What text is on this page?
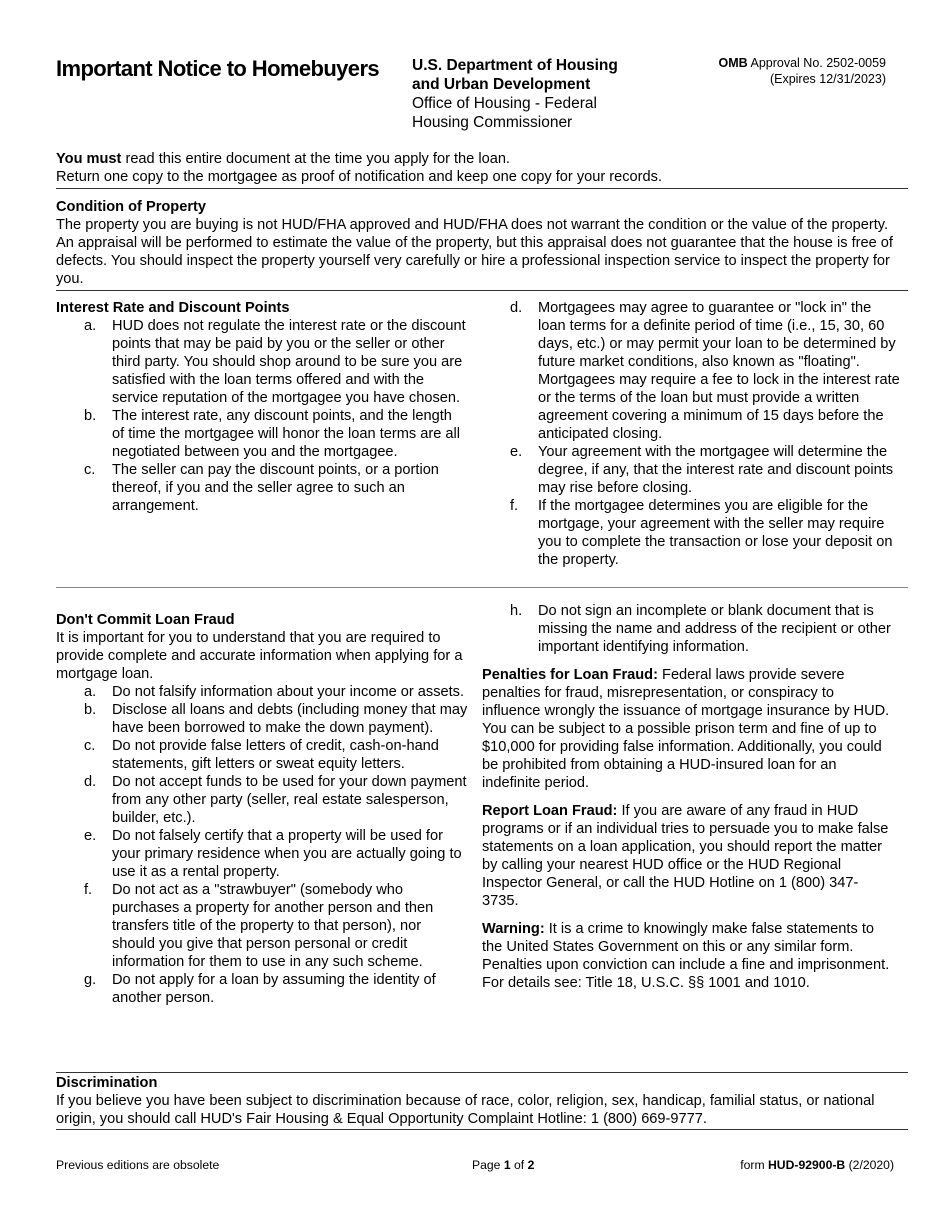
Important Notice to Homebuyers U.S. Department of Housing
and Urban Development
Office of Housing - Federal
Housing Commissioner
OMB Approval No. 2502-0059
(Expires 12/31/2023)
You must read this entire document at the time you apply for the loan.
Return one copy to the mortgagee as proof of notification and keep one copy for your records.
Condition of Property
The property you are buying is not HUD/FHA approved and HUD/FHA does not warrant the condition or the value of the property. An appraisal will be performed to estimate the value of the property, but this appraisal does not guarantee that the house is free of defects. You should inspect the property yourself very carefully or hire a professional inspection service to inspect the property for you.
Interest Rate and Discount Points
a. HUD does not regulate the interest rate or the discount points that may be paid by you or the seller or other third party. You should shop around to be sure you are satisfied with the loan terms offered and with the service reputation of the mortgagee you have chosen.
b. The interest rate, any discount points, and the length of time the mortgagee will honor the loan terms are all negotiated between you and the mortgagee.
c. The seller can pay the discount points, or a portion thereof, if you and the seller agree to such an arrangement.
d. Mortgagees may agree to guarantee or "lock in" the loan terms for a definite period of time (i.e., 15, 30, 60 days, etc.) or may permit your loan to be determined by future market conditions, also known as "floating". Mortgagees may require a fee to lock in the interest rate or the terms of the loan but must provide a written agreement covering a minimum of 15 days before the anticipated closing.
e. Your agreement with the mortgagee will determine the degree, if any, that the interest rate and discount points may rise before closing.
f. If the mortgagee determines you are eligible for the mortgage, your agreement with the seller may require you to complete the transaction or lose your deposit on the property.
Don't Commit Loan Fraud
It is important for you to understand that you are required to provide complete and accurate information when applying for a mortgage loan.
a. Do not falsify information about your income or assets.
b. Disclose all loans and debts (including money that may have been borrowed to make the down payment).
c. Do not provide false letters of credit, cash-on-hand statements, gift letters or sweat equity letters.
d. Do not accept funds to be used for your down payment from any other party (seller, real estate salesperson, builder, etc.).
e. Do not falsely certify that a property will be used for your primary residence when you are actually going to use it as a rental property.
f. Do not act as a "strawbuyer" (somebody who purchases a property for another person and then transfers title of the property to that person), nor should you give that person personal or credit information for them to use in any such scheme.
g. Do not apply for a loan by assuming the identity of another person.
h. Do not sign an incomplete or blank document that is missing the name and address of the recipient or other important identifying information.

Penalties for Loan Fraud: Federal laws provide severe penalties for fraud, misrepresentation, or conspiracy to influence wrongly the issuance of mortgage insurance by HUD. You can be subject to a possible prison term and fine of up to $10,000 for providing false information. Additionally, you could be prohibited from obtaining a HUD-insured loan for an indefinite period.

Report Loan Fraud: If you are aware of any fraud in HUD programs or if an individual tries to persuade you to make false statements on a loan application, you should report the matter by calling your nearest HUD office or the HUD Regional Inspector General, or call the HUD Hotline on 1 (800) 347-3735.

Warning: It is a crime to knowingly make false statements to the United States Government on this or any similar form. Penalties upon conviction can include a fine and imprisonment. For details see: Title 18, U.S.C. §§ 1001 and 1010.

Discrimination
If you believe you have been subject to discrimination because of race, color, religion, sex, handicap, familial status, or national origin, you should call HUD's Fair Housing & Equal Opportunity Complaint Hotline: 1 (800) 669-9777.
Previous editions are obsolete	Page 1 of 2	form HUD-92900-B (2/2020)
